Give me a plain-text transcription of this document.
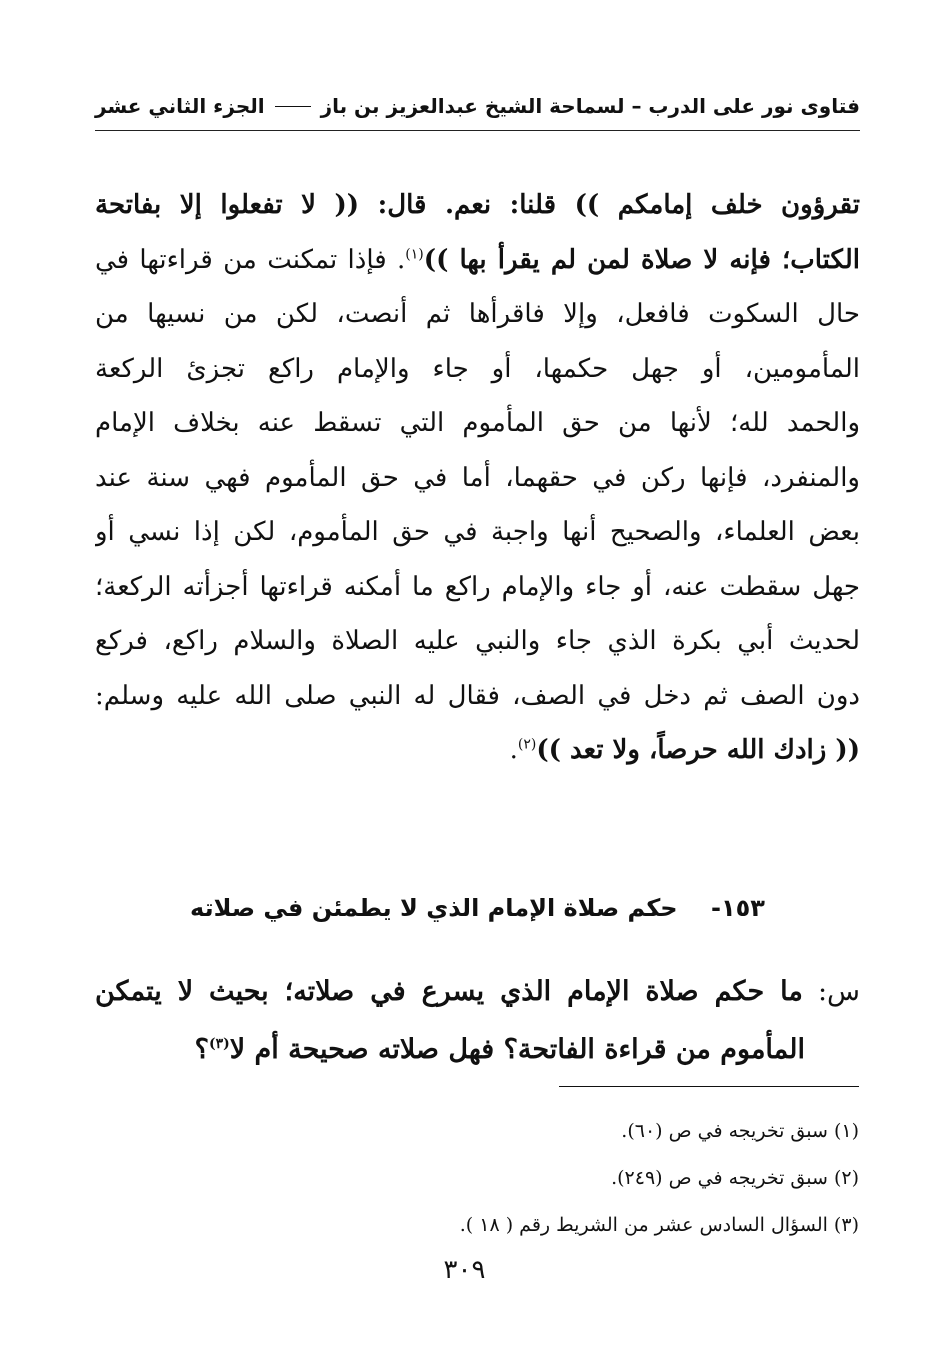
فتاوى نور على الدرب – لسماحة الشيخ عبدالعزيز بن باز
الجزء الثاني عشر
تقرؤون خلف إمامكم )) قلنا: نعم. قال: (( لا تفعلوا إلا بفاتحة
الكتاب؛ فإنه لا صلاة لمن لم يقرأ بها ))$^{(١)}$. فإذا تمكنت من قراءتها في
حال السكوت فافعل، وإلا فاقرأها ثم أنصت، لكن من نسيها من
المأمومين، أو جهل حكمها، أو جاء والإمام راكع تجزئ الركعة
والحمد لله؛ لأنها من حق المأموم التي تسقط عنه بخلاف الإمام
والمنفرد، فإنها ركن في حقهما، أما في حق المأموم فهي سنة عند
بعض العلماء، والصحيح أنها واجبة في حق المأموم، لكن إذا نسي أو
جهل سقطت عنه، أو جاء والإمام راكع ما أمكنه قراءتها أجزأته الركعة؛
لحديث أبي بكرة الذي جاء والنبي عليه الصلاة والسلام راكع، فركع
دون الصف ثم دخل في الصف، فقال له النبي صلى الله عليه وسلم:
(( زادك الله حرصاً، ولا تعد ))$^{(٢)}$.
١٥٣-    حكم صلاة الإمام الذي لا يطمئن في صلاته
س: ما حكم صلاة الإمام الذي يسرع في صلاته؛ بحيث لا يتمكن
المأموم من قراءة الفاتحة؟ فهل صلاته صحيحة أم لا$^{(٣)}$؟
(١) سبق تخريجه في ص (٦٠).
(٢) سبق تخريجه في ص (٢٤٩).
(٣) السؤال السادس عشر من الشريط رقم ( ١٨ ).
٣٠٩
